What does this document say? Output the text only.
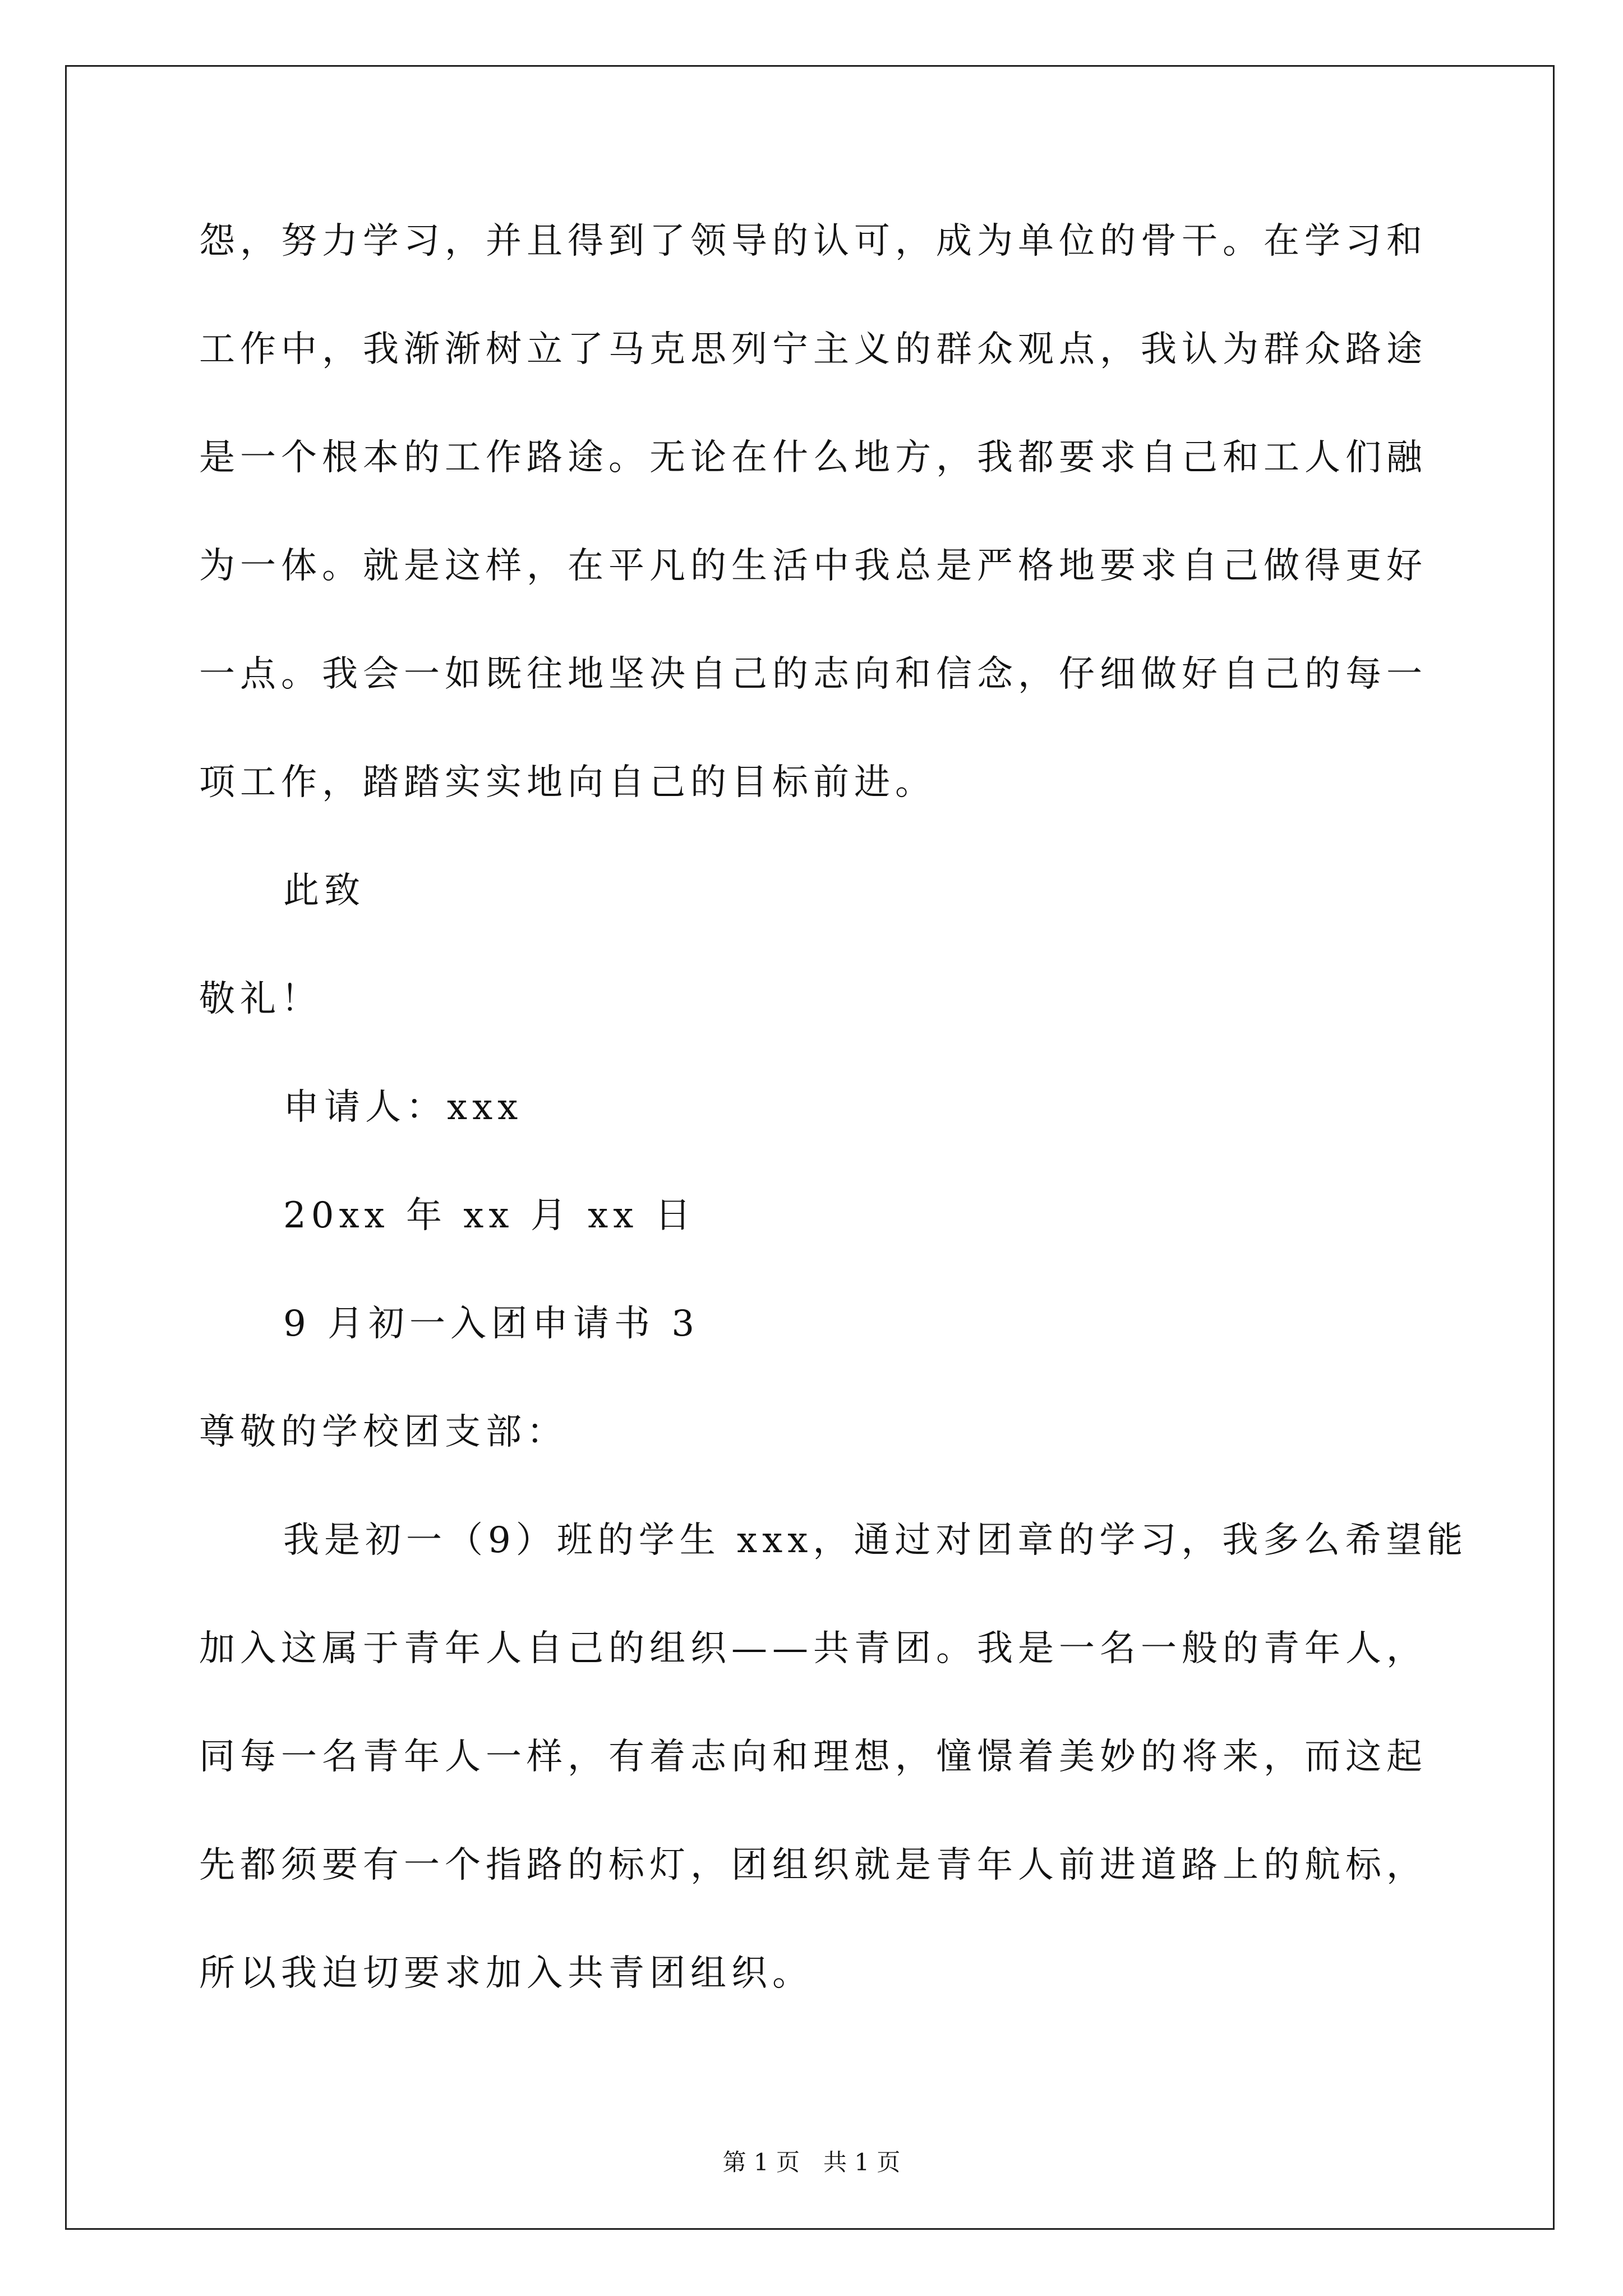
怨，努力学习，并且得到了领导的认可，成为单位的骨干。在学习和
工作中，我渐渐树立了马克思列宁主义的群众观点，我认为群众路途
是一个根本的工作路途。无论在什么地方，我都要求自己和工人们融
为一体。就是这样，在平凡的生活中我总是严格地要求自己做得更好
一点。我会一如既往地坚决自己的志向和信念，仔细做好自己的每一
项工作，踏踏实实地向自己的目标前进。
此致
敬礼！
申请人：xxx
20xx 年 xx 月 xx 日
9 月初一入团申请书 3
尊敬的学校团支部：
我是初一（9）班的学生 xxx，通过对团章的学习，我多么希望能
加入这属于青年人自己的组织——共青团。我是一名一般的青年人，
同每一名青年人一样，有着志向和理想，憧憬着美妙的将来，而这起
先都须要有一个指路的标灯，团组织就是青年人前进道路上的航标，
所以我迫切要求加入共青团组织。
第 1 页　共 1 页
